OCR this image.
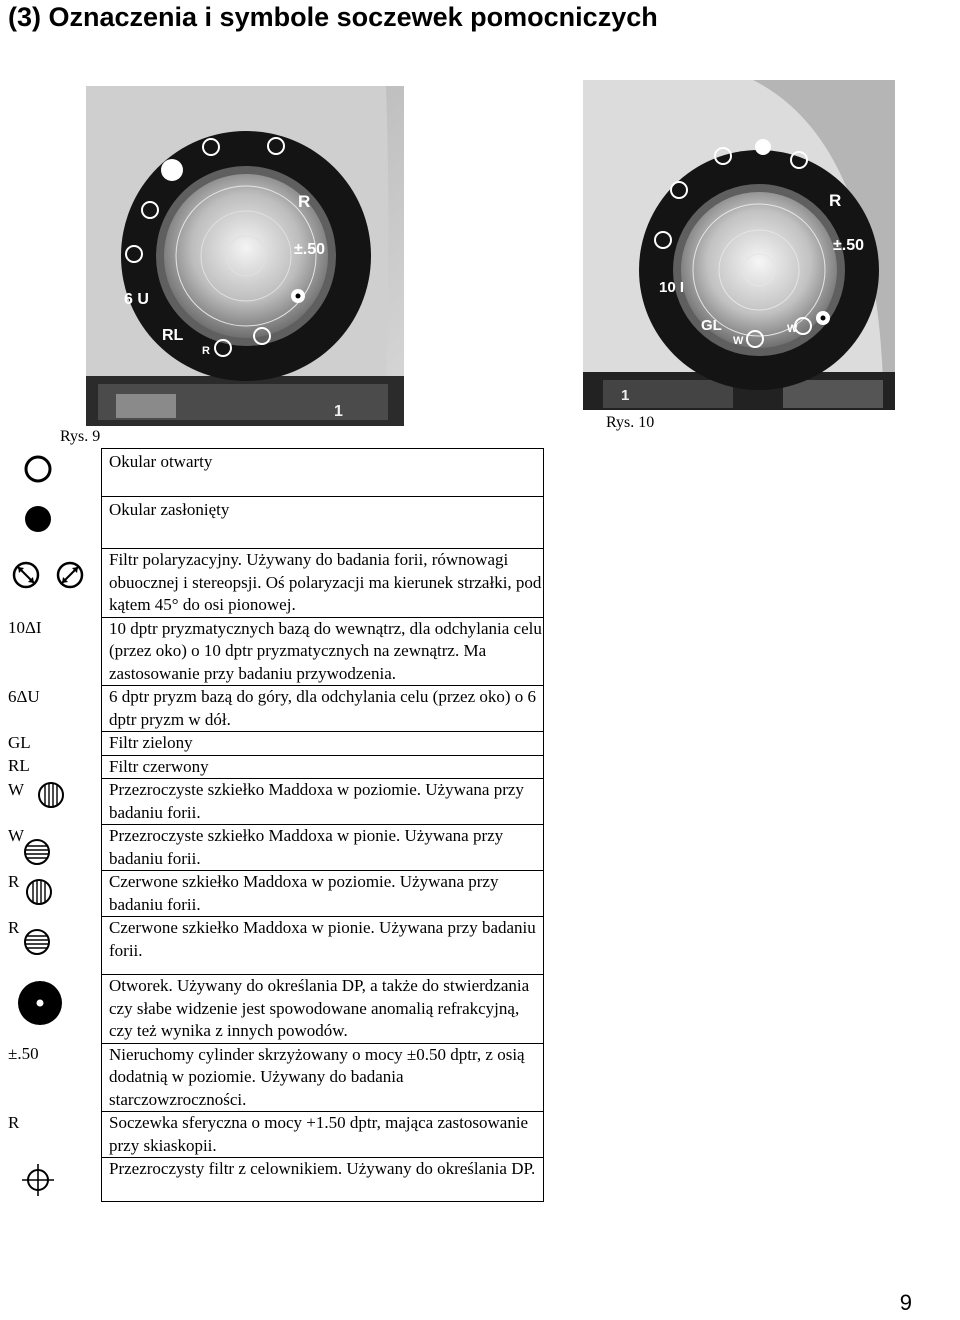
(3) Oznaczenia i symbole soczewek pomocniczych
1
R
±.50
6 U
RL
R
1
R
±.50
10 I
GL
W
W
Rys. 9
Rys. 10
	Okular otwarty

	Okular zasłonięty

	Filtr polaryzacyjny. Używany do badania forii, równowagi obuocznej i stereopsji. Oś polaryzacji ma kierunek strzałki, pod kątem 45° do osi pionowej.
10ΔI	10 dptr pryzmatycznych bazą do wewnątrz, dla odchylania celu (przez oko) o 10 dptr pryzmatycznych na zewnątrz. Ma zastosowanie przy badaniu przywodzenia.
6ΔU	6 dptr pryzm bazą do góry, dla odchylania celu (przez oko) o 6 dptr pryzm w dół.
GL	Filtr zielony
RL	Filtr czerwony
W	Przezroczyste szkiełko Maddoxa w poziomie. Używana przy badaniu forii.
W	Przezroczyste szkiełko Maddoxa w pionie. Używana przy badaniu forii.
R	Czerwone szkiełko Maddoxa w poziomie. Używana przy badaniu forii.
R	Czerwone szkiełko Maddoxa w pionie. Używana przy badaniu forii.

	Otworek. Używany do określania DP, a także do stwierdzania czy słabe widzenie jest spowodowane anomalią refrakcyjną, czy też wynika z innych powodów.
±.50	Nieruchomy cylinder skrzyżowany o mocy ±0.50 dptr, z osią dodatnią w poziomie. Używany do badania starczowzroczności.
R	Soczewka sferyczna o mocy +1.50 dptr, mająca zastosowanie przy skiaskopii.

	Przezroczysty filtr z celownikiem. Używany do określania DP.
9
